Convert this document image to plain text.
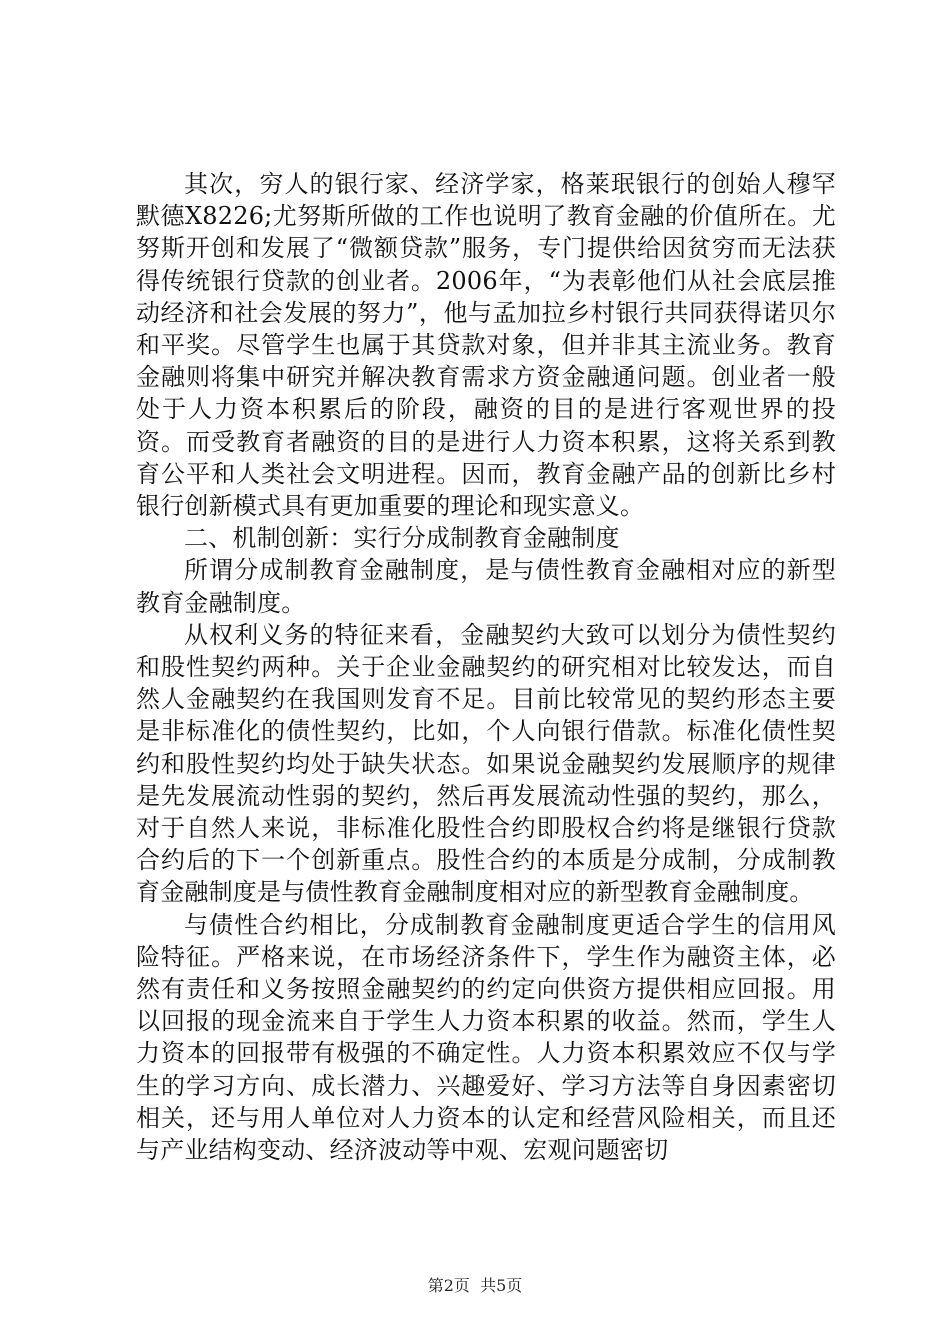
其次，穷人的银行家、经济学家，格莱珉银行的创始人穆罕默德X8226;尤努斯所做的工作也说明了教育金融的价值所在。尤努斯开创和发展了“微额贷款”服务，专门提供给因贫穷而无法获得传统银行贷款的创业者。2006年，“为表彰他们从社会底层推动经济和社会发展的努力”，他与孟加拉乡村银行共同获得诺贝尔和平奖。尽管学生也属于其贷款对象，但并非其主流业务。教育金融则将集中研究并解决教育需求方资金融通问题。创业者一般处于人力资本积累后的阶段，融资的目的是进行客观世界的投资。而受教育者融资的目的是进行人力资本积累，这将关系到教育公平和人类社会文明进程。因而，教育金融产品的创新比乡村银行创新模式具有更加重要的理论和现实意义。

二、机制创新：实行分成制教育金融制度

所谓分成制教育金融制度，是与债性教育金融相对应的新型教育金融制度。

从权利义务的特征来看，金融契约大致可以划分为债性契约和股性契约两种。关于企业金融契约的研究相对比较发达，而自然人金融契约在我国则发育不足。目前比较常见的契约形态主要是非标准化的债性契约，比如，个人向银行借款。标准化债性契约和股性契约均处于缺失状态。如果说金融契约发展顺序的规律是先发展流动性弱的契约，然后再发展流动性强的契约，那么，对于自然人来说，非标准化股性合约即股权合约将是继银行贷款合约后的下一个创新重点。股性合约的本质是分成制，分成制教育金融制度是与债性教育金融制度相对应的新型教育金融制度。

与债性合约相比，分成制教育金融制度更适合学生的信用风险特征。严格来说，在市场经济条件下，学生作为融资主体，必然有责任和义务按照金融契约的约定向供资方提供相应回报。用以回报的现金流来自于学生人力资本积累的收益。然而，学生人力资本的回报带有极强的不确定性。人力资本积累效应不仅与学生的学习方向、成长潜力、兴趣爱好、学习方法等自身因素密切相关，还与用人单位对人力资本的认定和经营风险相关，而且还与产业结构变动、经济波动等中观、宏观问题密切

第2页  共5页
